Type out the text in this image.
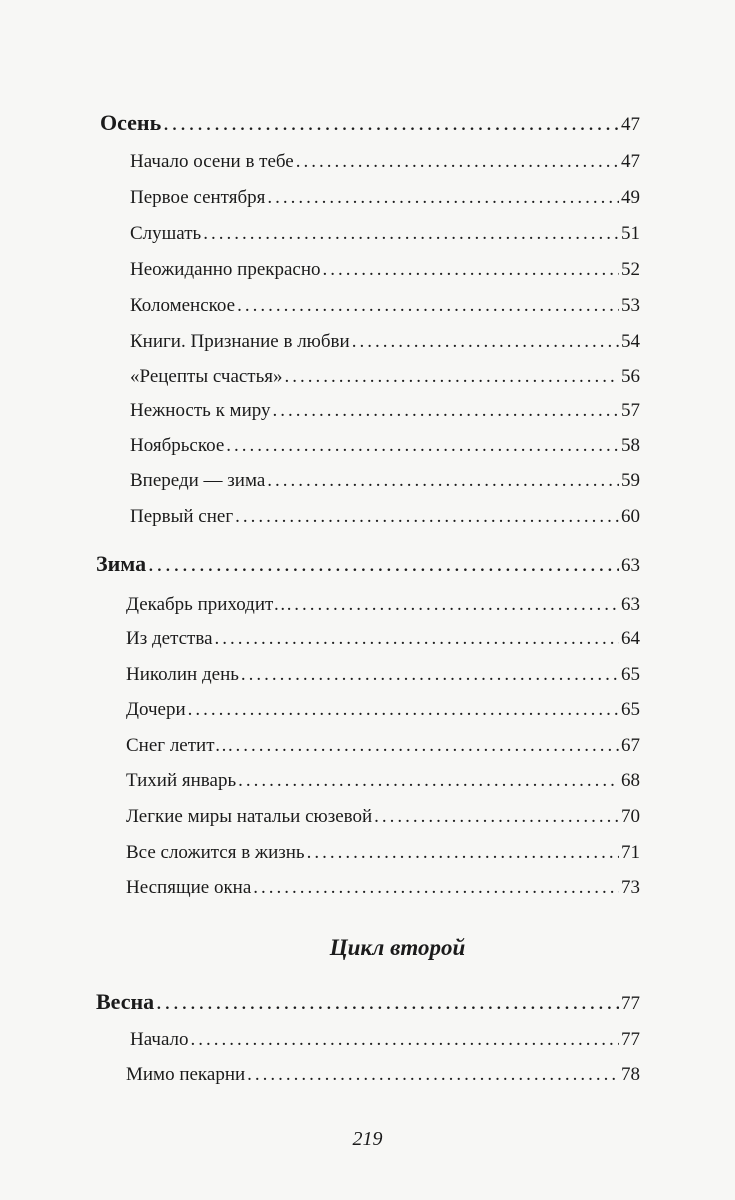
Осень .....	47
Начало осени в тебе .....	47
Первое сентября .....	49
Слушать .....	51
Неожиданно прекрасно .....	52
Коломенское .....	53
Книги. Признание в любви .....	54
«Рецепты счастья» .....	56
Нежность к миру .....	57
Ноябрьское .....	58
Впереди — зима .....	59
Первый снег .....	60
Зима .....	63
Декабрь приходит… .....	63
Из детства .....	64
Николин день .....	65
Дочери .....	65
Снег летит… .....	67
Тихий январь .....	68
Легкие миры натальи сюзевой .....	70
Все сложится в жизнь .....	71
Неспящие окна .....	73
Цикл второй
Весна .....	77
Начало .....	77
Мимо пекарни .....	78
219
